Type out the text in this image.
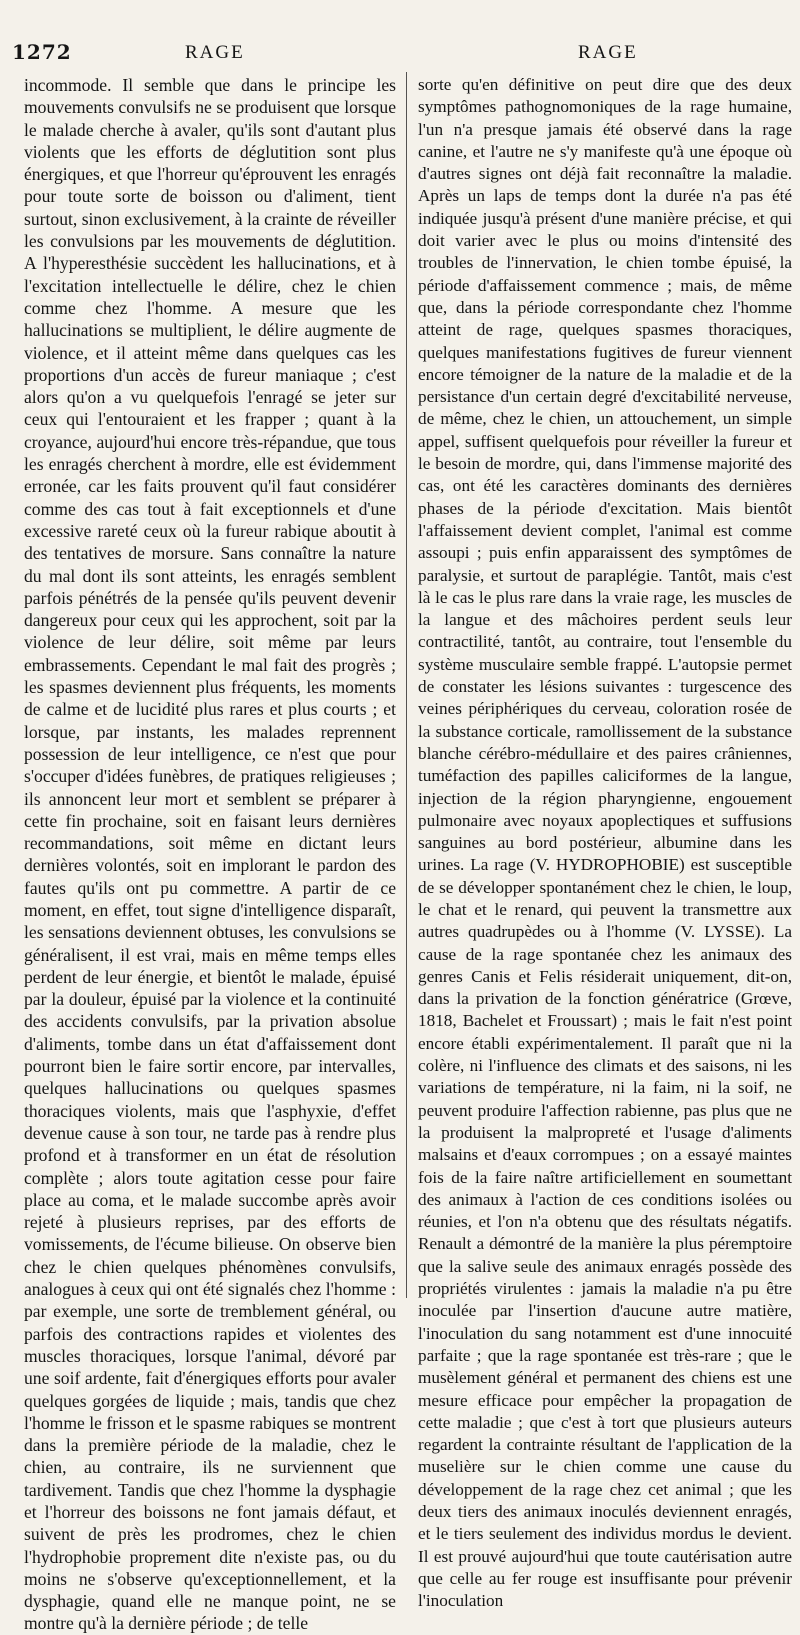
1272	RAGE	RAGE

incommode. Il semble que dans le principe les mouvements convulsifs ne se produisent que lorsque le malade cherche à avaler, qu'ils sont d'autant plus violents que les efforts de déglutition sont plus énergiques, et que l'horreur qu'éprouvent les enragés pour toute sorte de boisson ou d'aliment, tient surtout, sinon exclusivement, à la crainte de réveiller les convulsions par les mouvements de déglutition. A l'hyperesthésie succèdent les hallucinations, et à l'excitation intellectuelle le délire, chez le chien comme chez l'homme. A mesure que les hallucinations se multiplient, le délire augmente de violence, et il atteint même dans quelques cas les proportions d'un accès de fureur maniaque ; c'est alors qu'on a vu quelquefois l'enragé se jeter sur ceux qui l'entouraient et les frapper ; quant à la croyance, aujourd'hui encore très-répandue, que tous les enragés cherchent à mordre, elle est évidemment erronée, car les faits prouvent qu'il faut considérer comme des cas tout à fait exceptionnels et d'une excessive rareté ceux où la fureur rabique aboutit à des tentatives de morsure. Sans connaître la nature du mal dont ils sont atteints, les enragés semblent parfois pénétrés de la pensée qu'ils peuvent devenir dangereux pour ceux qui les approchent, soit par la violence de leur délire, soit même par leurs embrassements. Cependant le mal fait des progrès ; les spasmes deviennent plus fréquents, les moments de calme et de lucidité plus rares et plus courts ; et lorsque, par instants, les malades reprennent possession de leur intelligence, ce n'est que pour s'occuper d'idées funèbres, de pratiques religieuses ; ils annoncent leur mort et semblent se préparer à cette fin prochaine, soit en faisant leurs dernières recommandations, soit même en dictant leurs dernières volontés, soit en implorant le pardon des fautes qu'ils ont pu commettre. A partir de ce moment, en effet, tout signe d'intelligence disparaît, les sensations deviennent obtuses, les convulsions se généralisent, il est vrai, mais en même temps elles perdent de leur énergie, et bientôt le malade, épuisé par la douleur, épuisé par la violence et la continuité des accidents convulsifs, par la privation absolue d'aliments, tombe dans un état d'affaissement dont pourront bien le faire sortir encore, par intervalles, quelques hallucinations ou quelques spasmes thoraciques violents, mais que l'asphyxie, d'effet devenue cause à son tour, ne tarde pas à rendre plus profond et à transformer en un état de résolution complète ; alors toute agitation cesse pour faire place au coma, et le malade succombe après avoir rejeté à plusieurs reprises, par des efforts de vomissements, de l'écume bilieuse. On observe bien chez le chien quelques phénomènes convulsifs, analogues à ceux qui ont été signalés chez l'homme : par exemple, une sorte de tremblement général, ou parfois des contractions rapides et violentes des muscles thoraciques, lorsque l'animal, dévoré par une soif ardente, fait d'énergiques efforts pour avaler quelques gorgées de liquide ; mais, tandis que chez l'homme le frisson et le spasme rabiques se montrent dans la première période de la maladie, chez le chien, au contraire, ils ne surviennent que tardivement. Tandis que chez l'homme la dysphagie et l'horreur des boissons ne font jamais défaut, et suivent de près les prodromes, chez le chien l'hydrophobie proprement dite n'existe pas, ou du moins ne s'observe qu'exceptionnellement, et la dysphagie, quand elle ne manque point, ne se montre qu'à la dernière période ; de telle

sorte qu'en définitive on peut dire que des deux symptômes pathognomoniques de la rage humaine, l'un n'a presque jamais été observé dans la rage canine, et l'autre ne s'y manifeste qu'à une époque où d'autres signes ont déjà fait reconnaître la maladie. Après un laps de temps dont la durée n'a pas été indiquée jusqu'à présent d'une manière précise, et qui doit varier avec le plus ou moins d'intensité des troubles de l'innervation, le chien tombe épuisé, la période d'affaissement commence ; mais, de même que, dans la période correspondante chez l'homme atteint de rage, quelques spasmes thoraciques, quelques manifestations fugitives de fureur viennent encore témoigner de la nature de la maladie et de la persistance d'un certain degré d'excitabilité nerveuse, de même, chez le chien, un attouchement, un simple appel, suffisent quelquefois pour réveiller la fureur et le besoin de mordre, qui, dans l'immense majorité des cas, ont été les caractères dominants des dernières phases de la période d'excitation. Mais bientôt l'affaissement devient complet, l'animal est comme assoupi ; puis enfin apparaissent des symptômes de paralysie, et surtout de paraplégie. Tantôt, mais c'est là le cas le plus rare dans la vraie rage, les muscles de la langue et des mâchoires perdent seuls leur contractilité, tantôt, au contraire, tout l'ensemble du système musculaire semble frappé. L'autopsie permet de constater les lésions suivantes : turgescence des veines périphériques du cerveau, coloration rosée de la substance corticale, ramollissement de la substance blanche cérébro-médullaire et des paires crâniennes, tuméfaction des papilles caliciformes de la langue, injection de la région pharyngienne, engouement pulmonaire avec noyaux apoplectiques et suffusions sanguines au bord postérieur, albumine dans les urines. La rage (V. HYDROPHOBIE) est susceptible de se développer spontanément chez le chien, le loup, le chat et le renard, qui peuvent la transmettre aux autres quadrupèdes ou à l'homme (V. LYSSE). La cause de la rage spontanée chez les animaux des genres Canis et Felis résiderait uniquement, dit-on, dans la privation de la fonction génératrice (Grœve, 1818, Bachelet et Froussart) ; mais le fait n'est point encore établi expérimentalement. Il paraît que ni la colère, ni l'influence des climats et des saisons, ni les variations de température, ni la faim, ni la soif, ne peuvent produire l'affection rabienne, pas plus que ne la produisent la malpropreté et l'usage d'aliments malsains et d'eaux corrompues ; on a essayé maintes fois de la faire naître artificiellement en soumettant des animaux à l'action de ces conditions isolées ou réunies, et l'on n'a obtenu que des résultats négatifs. Renault a démontré de la manière la plus péremptoire que la salive seule des animaux enragés possède des propriétés virulentes : jamais la maladie n'a pu être inoculée par l'insertion d'aucune autre matière, l'inoculation du sang notamment est d'une innocuité parfaite ; que la rage spontanée est très-rare ; que le musèlement général et permanent des chiens est une mesure efficace pour empêcher la propagation de cette maladie ; que c'est à tort que plusieurs auteurs regardent la contrainte résultant de l'application de la muselière sur le chien comme une cause du développement de la rage chez cet animal ; que les deux tiers des animaux inoculés deviennent enragés, et le tiers seulement des individus mordus le devient. Il est prouvé aujourd'hui que toute cautérisation autre que celle au fer rouge est insuffisante pour prévenir l'inoculation
